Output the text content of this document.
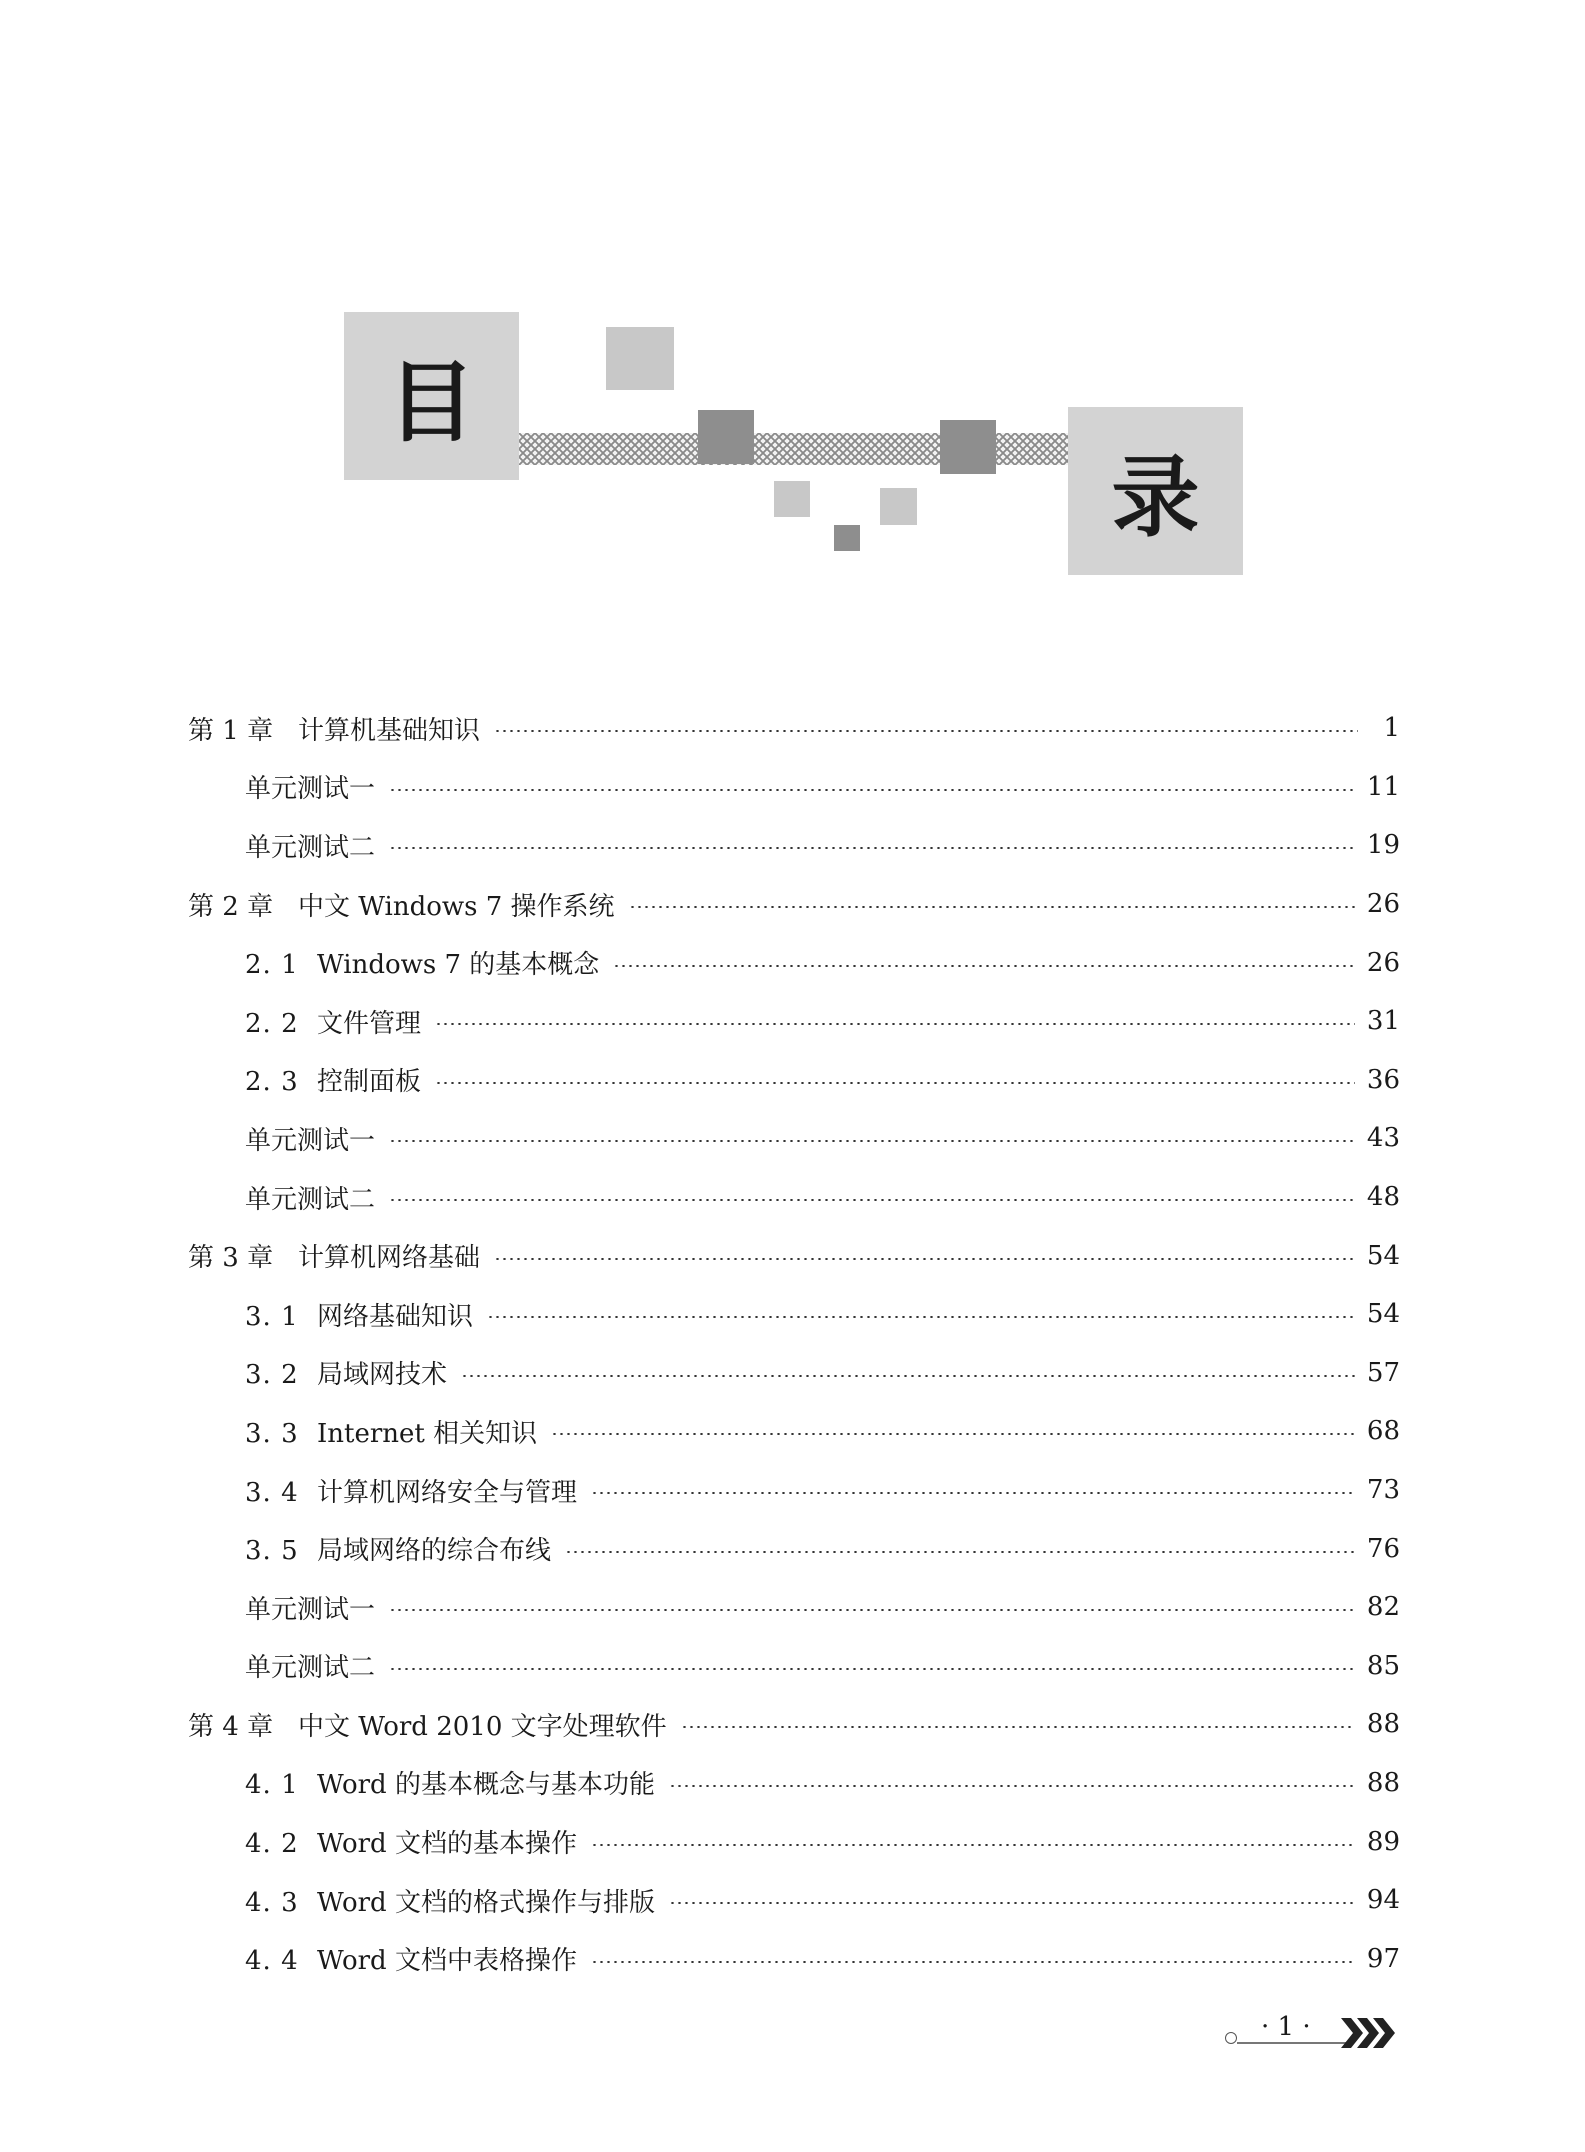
目
录
第 1 章 计算机基础知识	1
单元测试一	11
单元测试二	19
第 2 章 中文 Windows 7 操作系统	26
2. 1 Windows 7 的基本概念	26
2. 2 文件管理	31
2. 3 控制面板	36
单元测试一	43
单元测试二	48
第 3 章 计算机网络基础	54
3. 1 网络基础知识	54
3. 2 局域网技术	57
3. 3 Internet 相关知识	68
3. 4 计算机网络安全与管理	73
3. 5 局域网络的综合布线	76
单元测试一	82
单元测试二	85
第 4 章 中文 Word 2010 文字处理软件	88
4. 1 Word 的基本概念与基本功能	88
4. 2 Word 文档的基本操作	89
4. 3 Word 文档的格式操作与排版	94
4. 4 Word 文档中表格操作	97
· 1 ·
